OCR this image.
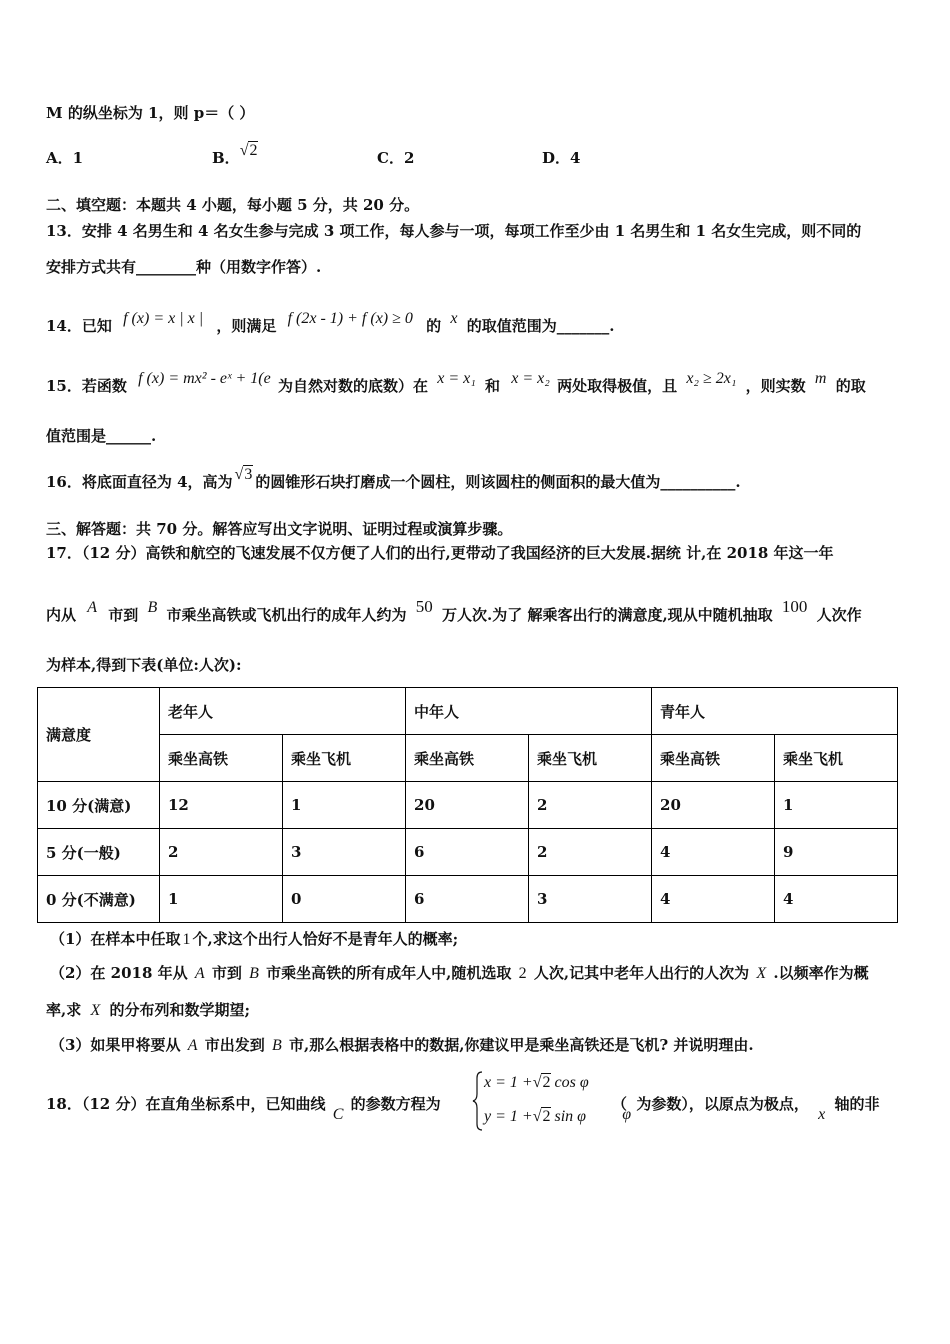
M 的纵坐标为 1，则 p＝（ ）
A．1	B．√2	C．2	D．4
二、填空题：本题共 4 小题，每小题 5 分，共 20 分。
13．安排 4 名男生和 4 名女生参与完成 3 项工作，每人参与一项，每项工作至少由 1 名男生和 1 名女生完成，则不同的
安排方式共有________种（用数字作答）.
14．已知 f (x) = x | x | ，则满足 f (2x - 1) + f (x) ≥ 0 的 x 的取值范围为_______.
15．若函数 f (x) = mx² - eˣ + 1(e 为自然对数的底数）在 x = x₁ 和 x = x₂ 两处取得极值，且 x₂ ≥ 2x₁ ，则实数 m 的取
值范围是______.
16．将底面直径为 4，高为 √3 的圆锥形石块打磨成一个圆柱，则该圆柱的侧面积的最大值为__________.
三、解答题：共 70 分。解答应写出文字说明、证明过程或演算步骤。
17．（12 分）高铁和航空的飞速发展不仅方便了人们的出行,更带动了我国经济的巨大发展.据统 计,在 2018 年这一年
内从 A 市到 B 市乘坐高铁或飞机出行的成年人约为 50 万人次.为了 解乘客出行的满意度,现从中随机抽取 100 人次作
为样本,得到下表(单位:人次):
满意度	老年人		中年人		青年人	
	乘坐高铁	乘坐飞机	乘坐高铁	乘坐飞机	乘坐高铁	乘坐飞机
10 分(满意)	12	1	20	2	20	1
5 分(一般)	2	3	6	2	4	9
0 分(不满意)	1	0	6	3	4	4
（1）在样本中任取 1 个,求这个出行人恰好不是青年人的概率;
（2）在 2018 年从 A 市到 B 市乘坐高铁的所有成年人中,随机选取 2 人次,记其中老年人出行的人次为 X .以频率作为概
率,求 X 的分布列和数学期望;
（3）如果甲将要从 A 市出发到 B 市,那么根据表格中的数据,你建议甲是乘坐高铁还是飞机? 并说明理由.
18．（12 分）在直角坐标系中，已知曲线 C 的参数方程为
x = 1 +√2 cos φ
y = 1 +√2 sin φ
（ φ 为参数），以原点为极点， x 轴的非
